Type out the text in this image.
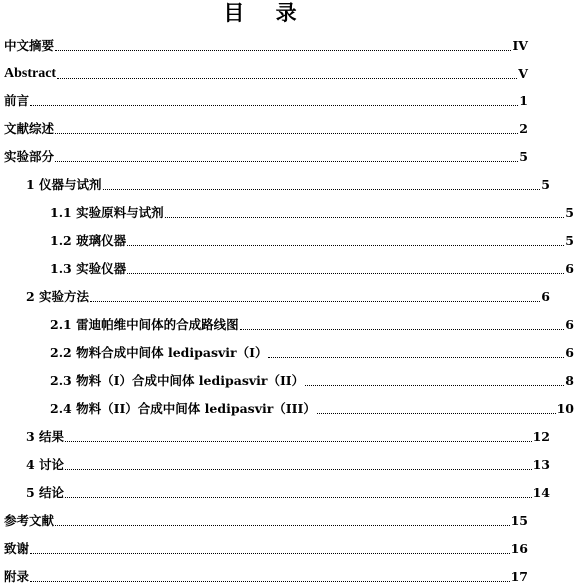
目 录
中文摘要	IV
Abstract	V
前言	1
文献综述	2
实验部分	5
1 仪器与试剂	5
1.1 实验原料与试剂	5
1.2 玻璃仪器	5
1.3 实验仪器	6
2 实验方法	6
2.1 雷迪帕维中间体的合成路线图	6
2.2 物料合成中间体 ledipasvir（I）	6
2.3 物料（I）合成中间体 ledipasvir（II）	8
2.4 物料（II）合成中间体 ledipasvir（III）	10
3 结果	12
4 讨论	13
5 结论	14
参考文献	15
致谢	16
附录	17
